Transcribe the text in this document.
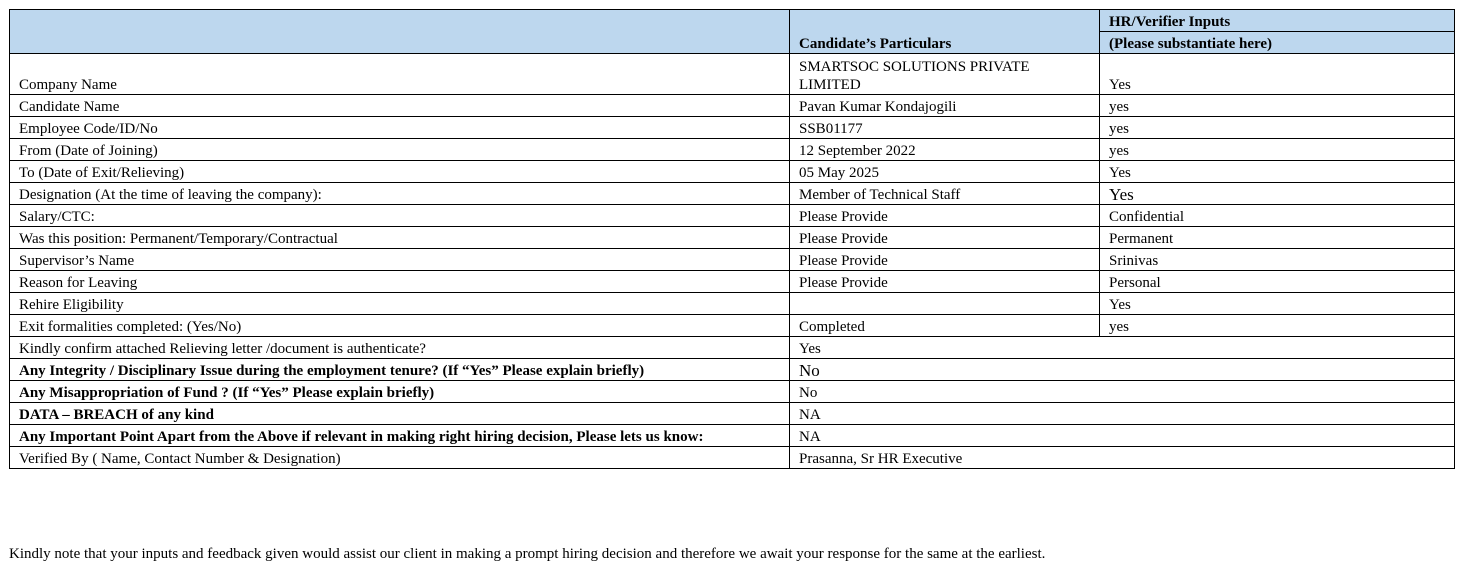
	Candidate’s Particulars	HR/Verifier Inputs
		(Please substantiate here)
Company Name	SMARTSOC SOLUTIONS PRIVATE LIMITED	Yes
Candidate Name	Pavan Kumar Kondajogili	yes
Employee Code/ID/No	SSB01177	yes
From (Date of Joining)	12 September 2022	yes
To (Date of Exit/Relieving)	05 May 2025	Yes
Designation (At the time of leaving the company):	Member of Technical Staff	Yes
Salary/CTC:	Please Provide	Confidential
Was this position: Permanent/Temporary/Contractual	Please Provide	Permanent
Supervisor’s Name	Please Provide	Srinivas
Reason for Leaving	Please Provide	Personal
Rehire Eligibility		Yes
Exit formalities completed: (Yes/No)	Completed	yes
Kindly confirm attached Relieving letter /document is authenticate?	Yes	
Any Integrity / Disciplinary Issue during the employment tenure? (If “Yes” Please explain briefly)	No	
Any Misappropriation of Fund ? (If “Yes” Please explain briefly)	No	
DATA – BREACH of any kind	NA	
Any Important Point Apart from the Above if relevant in making right hiring decision, Please lets us know:	NA	
Verified By ( Name, Contact Number & Designation)	Prasanna, Sr HR Executive	
Kindly note that your inputs and feedback given would assist our client in making a prompt hiring decision and therefore we await your response for the same at the earliest.
